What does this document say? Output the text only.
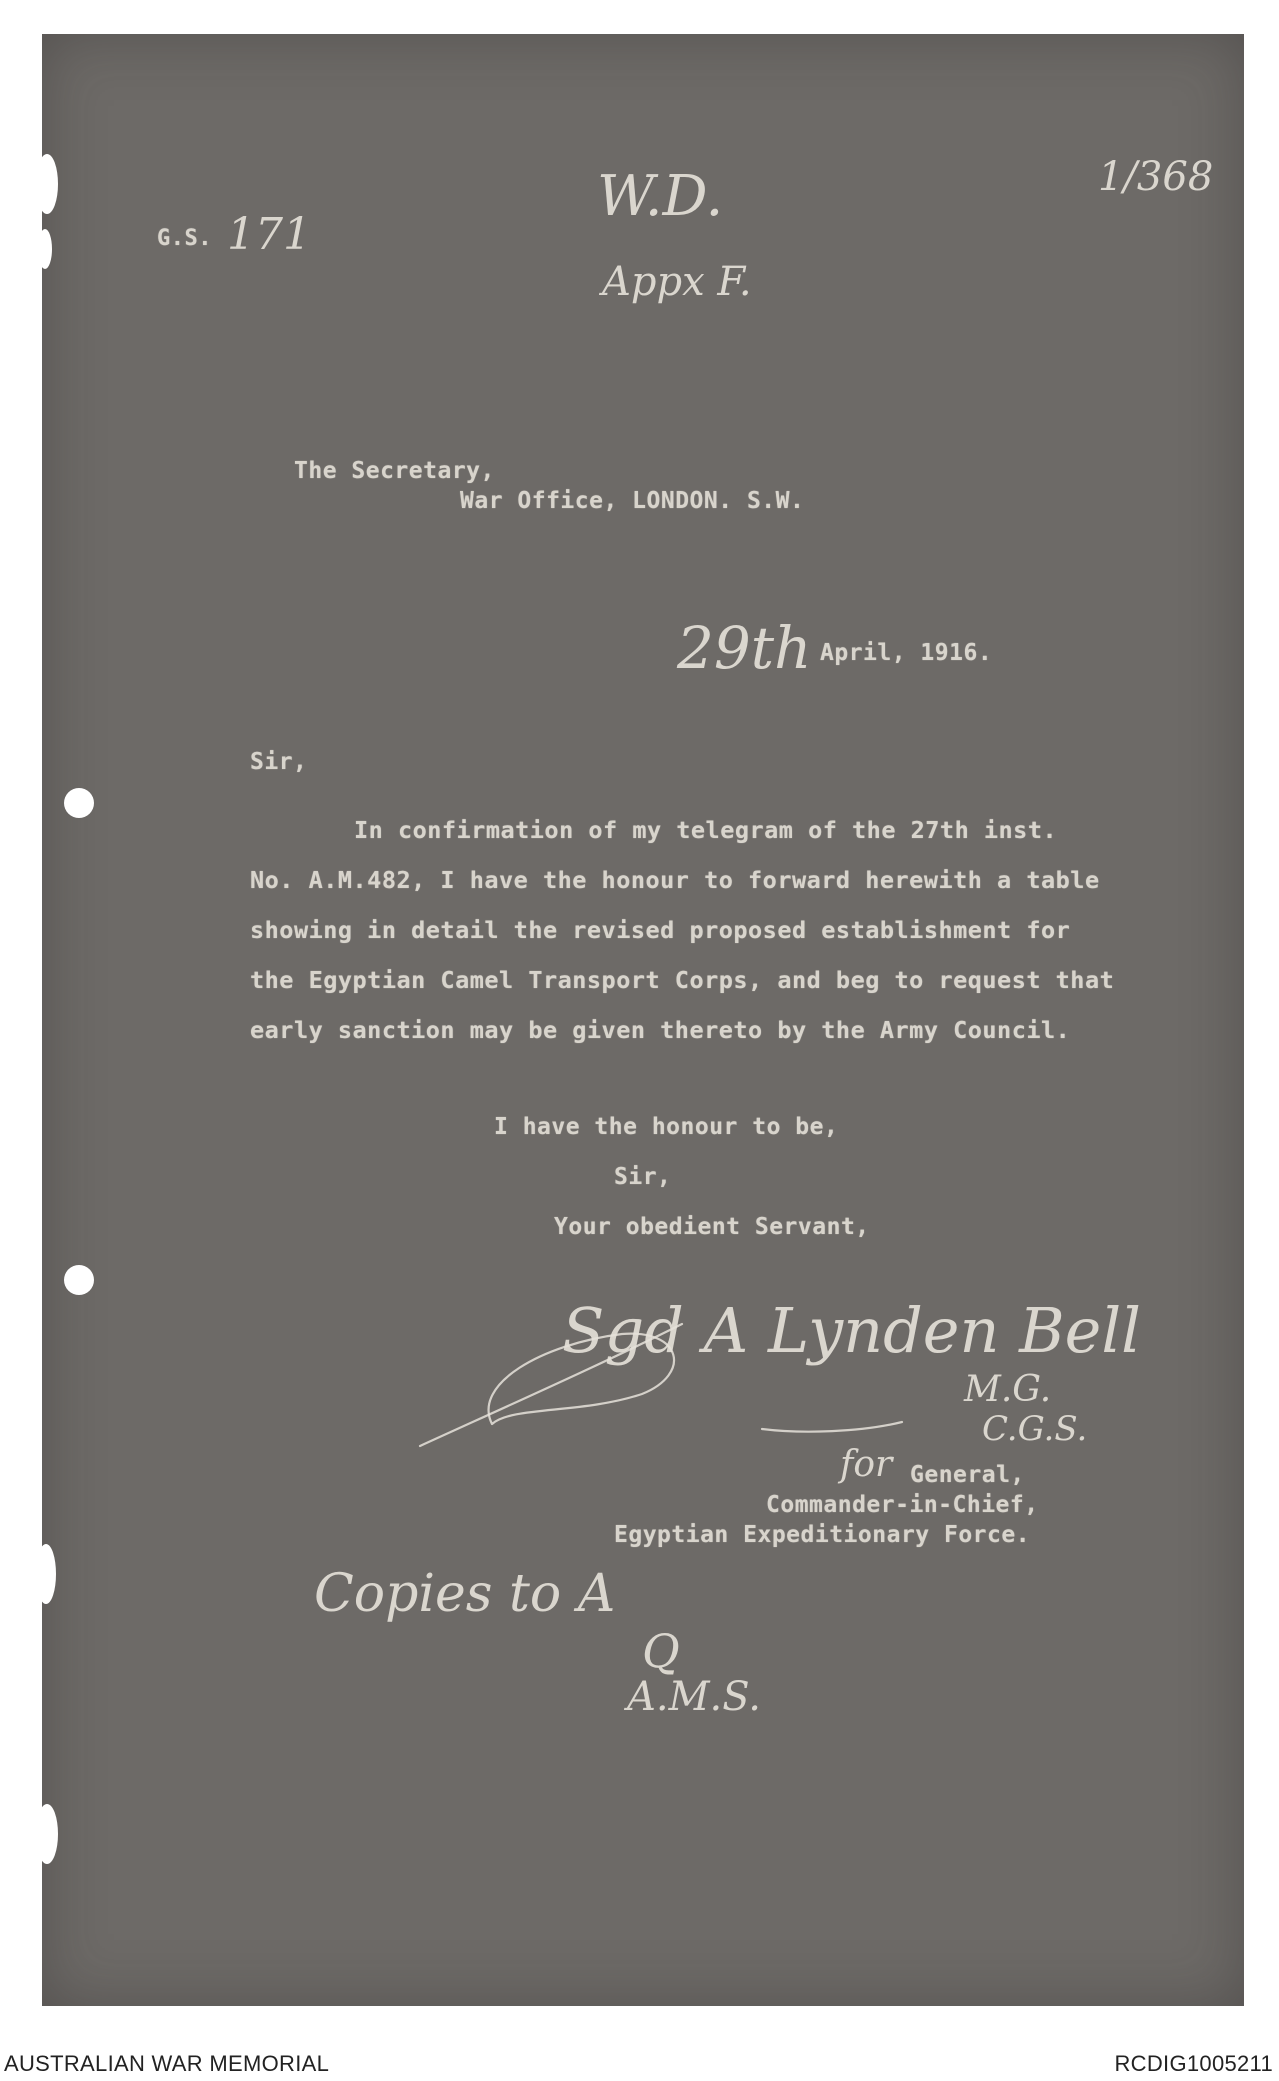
G.S. 171
1/368
W.D.
Appx F.
The Secretary,
War Office, LONDON. S.W.
29th April, 1916.
Sir,
In confirmation of my telegram of the 27th inst.
No. A.M.482, I have the honour to forward herewith a table
showing in detail the revised proposed establishment for
the Egyptian Camel Transport Corps, and beg to request that
early sanction may be given thereto by the Army Council.
I have the honour to be,
Sir,
Your obedient Servant,
Sgd A Lynden Bell
M.G.
C.G.S.
for General,
Commander-in-Chief,
Egyptian Expeditionary Force.
Copies to A
Q
A.M.S.
AUSTRALIAN WAR MEMORIAL	RCDIG1005211
